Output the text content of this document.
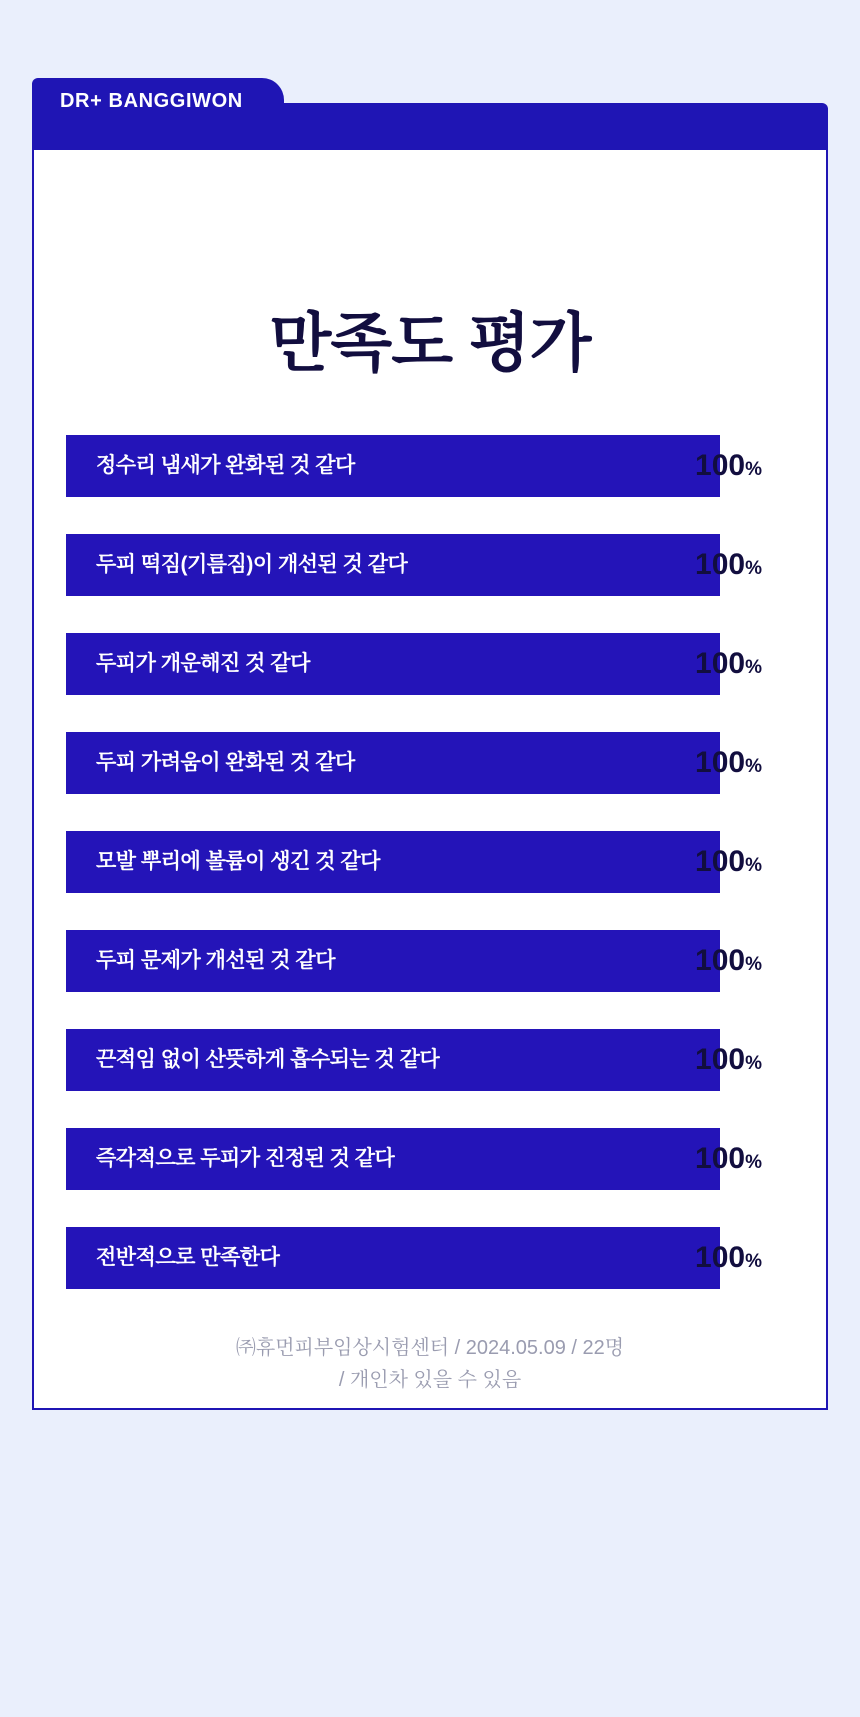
DR+ BANGGIWON
만족도 평가
정수리 냄새가 완화된 것 같다	100%
두피 떡짐(기름짐)이 개선된 것 같다	100%
두피가 개운해진 것 같다	100%
두피 가려움이 완화된 것 같다	100%
모발 뿌리에 볼륨이 생긴 것 같다	100%
두피 문제가 개선된 것 같다	100%
끈적임 없이 산뜻하게 흡수되는 것 같다	100%
즉각적으로 두피가 진정된 것 같다	100%
전반적으로 만족한다	100%
㈜휴먼피부임상시험센터 / 2024.05.09 / 22명
/ 개인차 있을 수 있음
